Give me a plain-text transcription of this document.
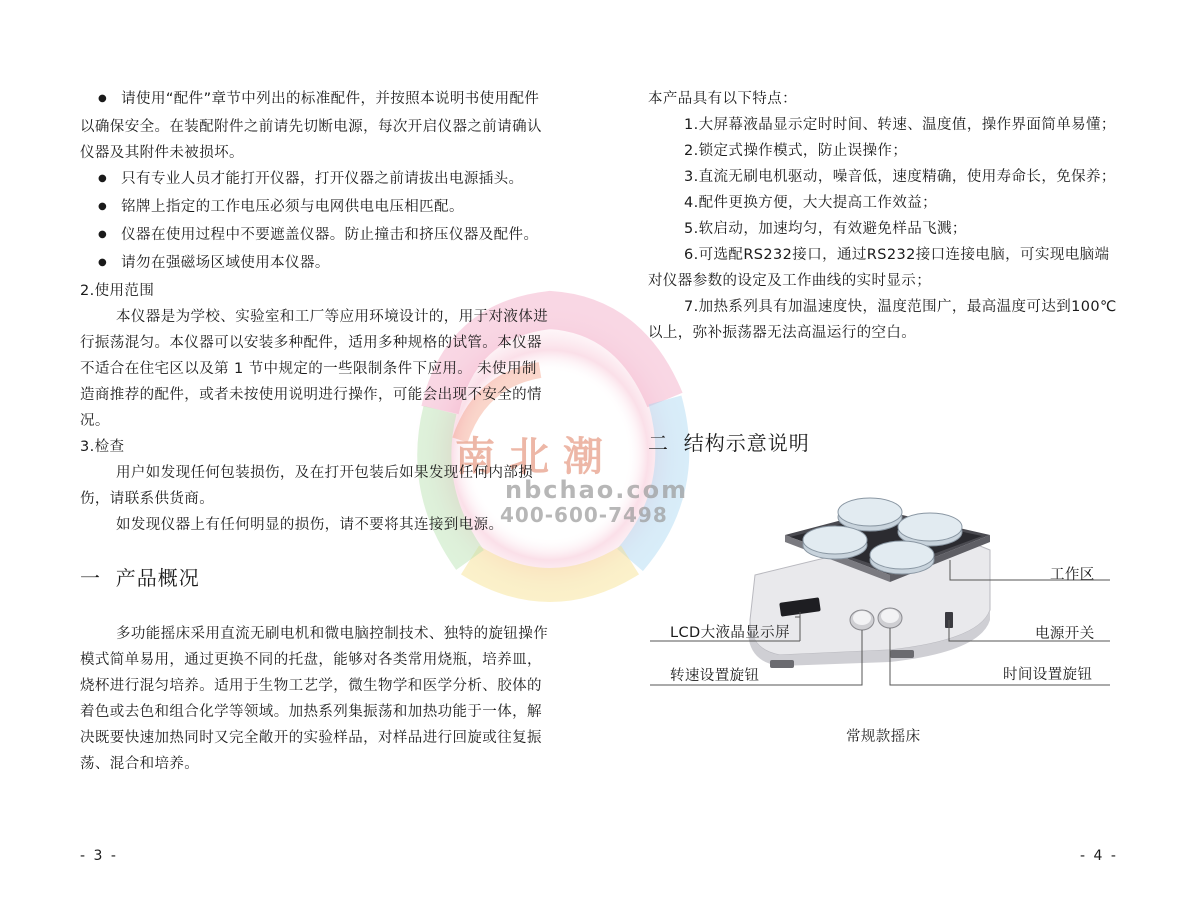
南北潮
nbchao.com
400-600-7498
● 请使用“配件”章节中列出的标准配件，并按照本说明书使用配件以确保安全。在装配附件之前请先切断电源，每次开启仪器之前请确认仪器及其附件未被损坏。
● 只有专业人员才能打开仪器，打开仪器之前请拔出电源插头。
● 铭牌上指定的工作电压必须与电网供电电压相匹配。
● 仪器在使用过程中不要遮盖仪器。防止撞击和挤压仪器及配件。
● 请勿在强磁场区域使用本仪器。
2.使用范围
本仪器是为学校、实验室和工厂等应用环境设计的，用于对液体进行振荡混匀。本仪器可以安装多种配件，适用多种规格的试管。本仪器不适合在住宅区以及第 1 节中规定的一些限制条件下应用。 未使用制造商推荐的配件，或者未按使用说明进行操作，可能会出现不安全的情况。
3.检查
用户如发现任何包装损伤，及在打开包装后如果发现任何内部损伤，请联系供货商。
如发现仪器上有任何明显的损伤，请不要将其连接到电源。
一  产品概况
多功能摇床采用直流无刷电机和微电脑控制技术、独特的旋钮操作模式简单易用，通过更换不同的托盘，能够对各类常用烧瓶，培养皿，烧杯进行混匀培养。适用于生物工艺学，微生物学和医学分析、胶体的着色或去色和组合化学等领域。加热系列集振荡和加热功能于一体，解决既要快速加热同时又完全敞开的实验样品，对样品进行回旋或往复振荡、混合和培养。
- 3 -
本产品具有以下特点：
1.大屏幕液晶显示定时时间、转速、温度值，操作界面简单易懂；
2.锁定式操作模式，防止误操作；
3.直流无刷电机驱动，噪音低，速度精确，使用寿命长，免保养；
4.配件更换方便，大大提高工作效益；
5.软启动，加速均匀，有效避免样品飞溅；
6.可选配RS232接口，通过RS232接口连接电脑，可实现电脑端对仪器参数的设定及工作曲线的实时显示；
7.加热系列具有加温速度快，温度范围广，最高温度可达到100℃以上，弥补振荡器无法高温运行的空白。
二  结构示意说明
工作区
LCD大液晶显示屏	电源开关
转速设置旋钮	时间设置旋钮
常规款摇床
- 4 -
